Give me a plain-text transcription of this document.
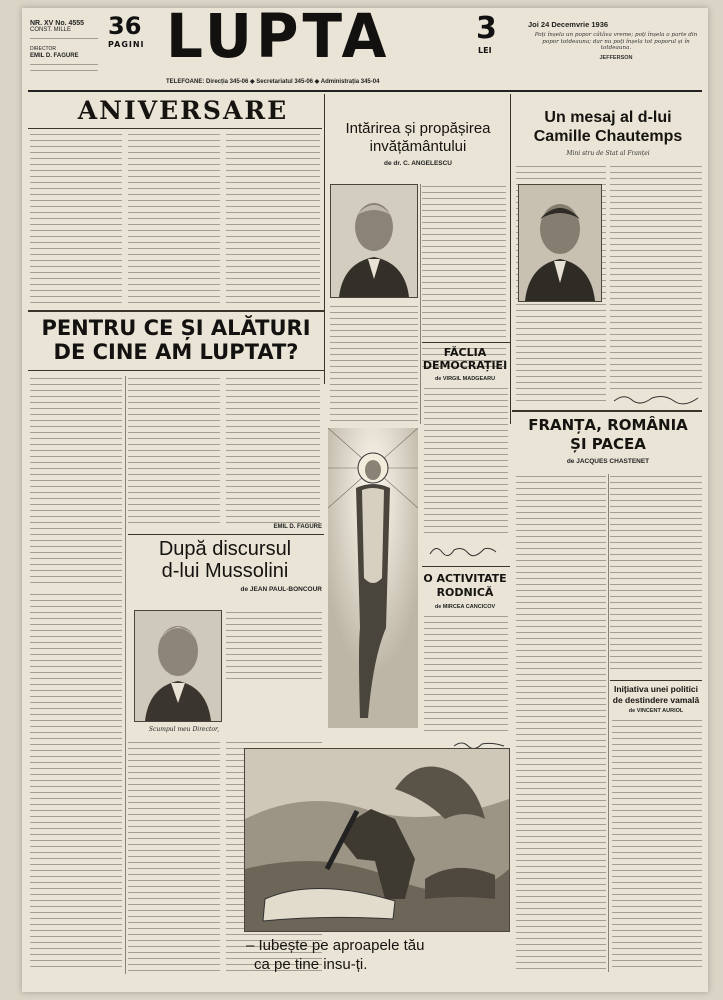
NR. XV No. 4555
CONST. MILLE
DIRECTOR
EMIL D. FAGURE
36
PAGINI LUPTA	3
LEI
Joi 24 Decemvrie 1936
Poți înșela un popor câtăva vreme; poți înșela o parte din popor totdeauna; dar nu poți înșela tot poporul și în totdeauna.
JEFFERSON
TELEFOANE: Direcția 345-06 ◆ Secretariatul 345-06 ◆ Administrația 345-04
ANIVERSARE
PENTRU CE ȘI ALĂTURI
DE CINE AM LUPTAT?
EMIL D. FAGURE
După discursul
d-lui Mussolini
de JEAN PAUL-BONCOUR
Scumpul meu Director,
Intărirea și propășirea
invățământului
de dr. C. ANGELESCU
FĂCLIA
DEMOCRAȚIEI
de VIRGIL MADGEARU
O ACTIVITATE
RODNICĂ
de MIRCEA CANCICOV
– Iubește pe aproapele tău
ca pe tine insu-ți.
Un mesaj al d-lui
Camille Chautemps
Mini stru de Stat al Franței
FRANȚA, ROMÂNIA
ȘI PACEA
de JACQUES CHASTENET
Inițiativa unei politici
de destindere vamală
de VINCENT AURIOL
